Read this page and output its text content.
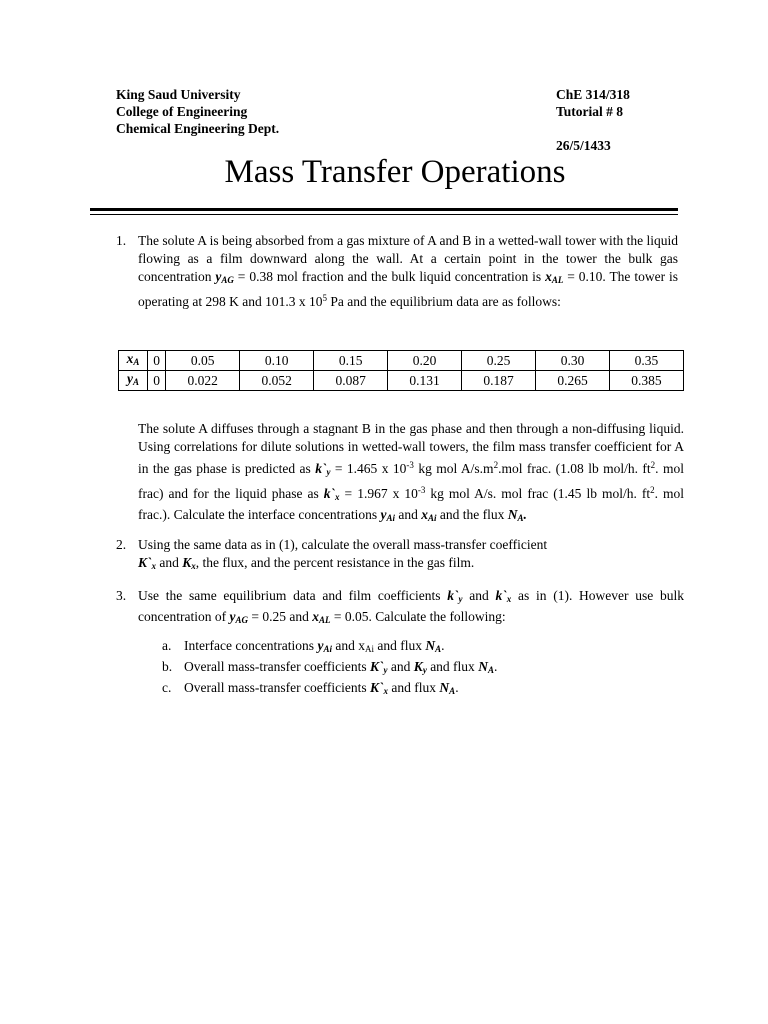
King Saud University	ChE 314/318
College of Engineering	Tutorial # 8
Chemical Engineering Dept.
26/5/1433
Mass Transfer Operations
1. The solute A is being absorbed from a gas mixture of A and B in a wetted-wall tower with the liquid flowing as a film downward along the wall. At a certain point in the tower the bulk gas concentration $y_{AG} = 0.38$ mol fraction and the bulk liquid concentration is $x_{AL} = 0.10$. The tower is operating at 298 K and 101.3 x $10^5$ Pa and the equilibrium data are as follows:
$x_A$	0	0.05	0.10	0.15	0.20	0.25	0.30	0.35
$y_A$	0	0.022	0.052	0.087	0.131	0.187	0.265	0.385
The solute A diffuses through a stagnant B in the gas phase and then through a non-diffusing liquid. Using correlations for dilute solutions in wetted-wall towers, the film mass transfer coefficient for A in the gas phase is predicted as $k`_y = 1.465$ x $10^{-3}$ kg mol $A/s.m^2.mol$ frac. (1.08 lb mol/h. $ft^2$. mol frac) and for the liquid phase as $k`_x = 1.967$ x $10^{-3}$ kg mol A/s. mol frac (1.45 lb mol/h. $ft^2$. mol frac.). Calculate the interface concentrations $y_{Ai}$ and $x_{Ai}$ and the flux $N_A$.
2. Using the same data as in (1), calculate the overall mass-transfer coefficient
$K`_x$ and $K_x$, the flux, and the percent resistance in the gas film.
3. Use the same equilibrium data and film coefficients $k`_y$ and $k`_x$ as in (1). However use bulk concentration of $y_{AG} = 0.25$ and $x_{AL} = 0.05$. Calculate the following:
a. Interface concentrations $y_{Ai}$ and $x_{Ai}$ and flux $N_A$.
b. Overall mass-transfer coefficients $K`_y$ and $K_y$ and flux $N_A$.
c. Overall mass-transfer coefficients $K`_x$ and flux $N_A$.
